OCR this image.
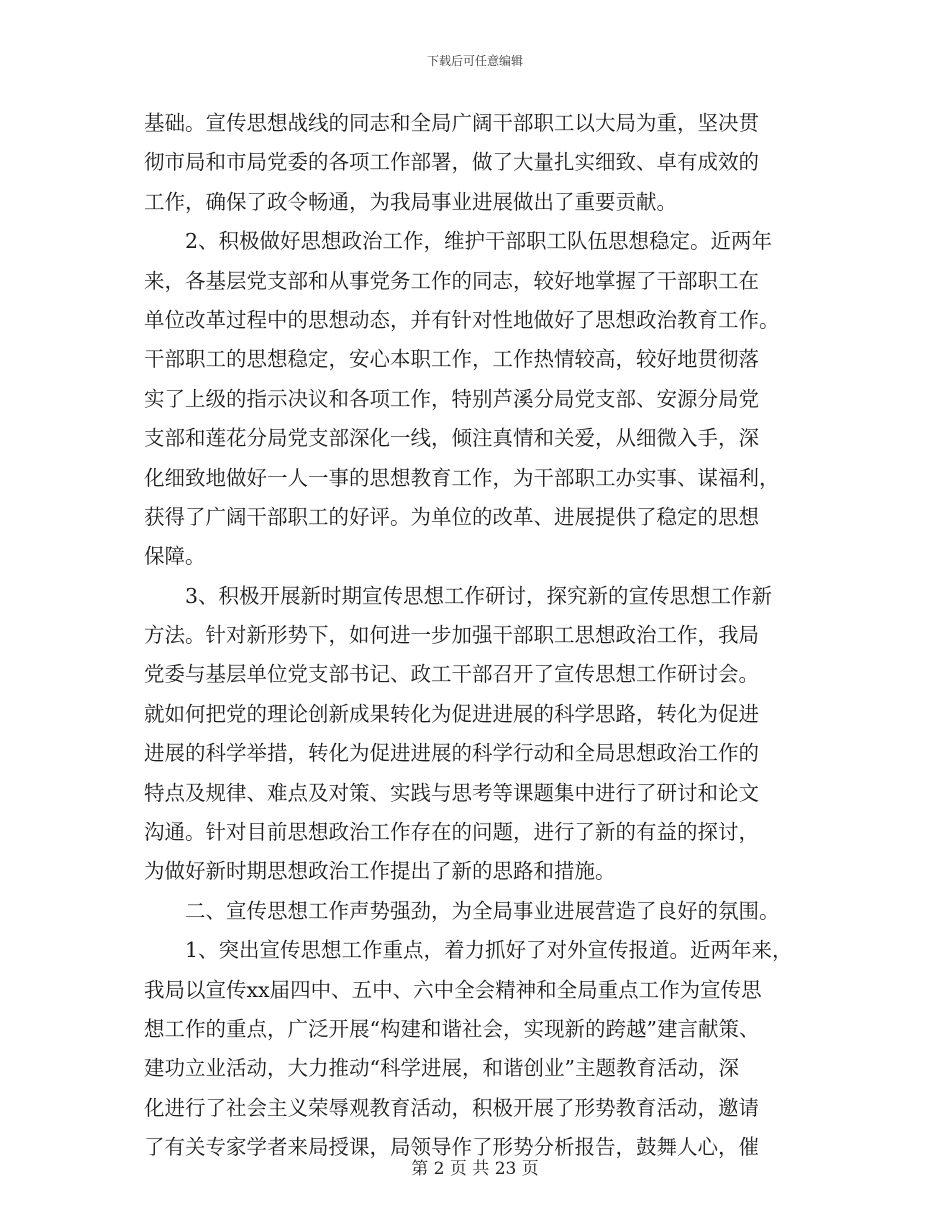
下载后可任意编辑
基础。宣传思想战线的同志和全局广阔干部职工以大局为重，坚决贯
彻市局和市局党委的各项工作部署，做了大量扎实细致、卓有成效的
工作，确保了政令畅通，为我局事业进展做出了重要贡献。
2、积极做好思想政治工作，维护干部职工队伍思想稳定。近两年
来，各基层党支部和从事党务工作的同志，较好地掌握了干部职工在
单位改革过程中的思想动态，并有针对性地做好了思想政治教育工作。
干部职工的思想稳定，安心本职工作，工作热情较高，较好地贯彻落
实了上级的指示决议和各项工作，特别芦溪分局党支部、安源分局党
支部和莲花分局党支部深化一线，倾注真情和关爱，从细微入手，深
化细致地做好一人一事的思想教育工作，为干部职工办实事、谋福利，
获得了广阔干部职工的好评。为单位的改革、进展提供了稳定的思想
保障。
3、积极开展新时期宣传思想工作研讨，探究新的宣传思想工作新
方法。针对新形势下，如何进一步加强干部职工思想政治工作，我局
党委与基层单位党支部书记、政工干部召开了宣传思想工作研讨会。
就如何把党的理论创新成果转化为促进进展的科学思路，转化为促进
进展的科学举措，转化为促进进展的科学行动和全局思想政治工作的
特点及规律、难点及对策、实践与思考等课题集中进行了研讨和论文
沟通。针对目前思想政治工作存在的问题，进行了新的有益的探讨，
为做好新时期思想政治工作提出了新的思路和措施。
二、宣传思想工作声势强劲，为全局事业进展营造了良好的氛围。
1、突出宣传思想工作重点，着力抓好了对外宣传报道。近两年来，
我局以宣传xx届四中、五中、六中全会精神和全局重点工作为宣传思
想工作的重点，广泛开展“构建和谐社会，实现新的跨越”建言献策、
建功立业活动，大力推动“科学进展，和谐创业”主题教育活动，深
化进行了社会主义荣辱观教育活动，积极开展了形势教育活动，邀请
了有关专家学者来局授课，局领导作了形势分析报告，鼓舞人心，催
第 2 页 共 23 页
